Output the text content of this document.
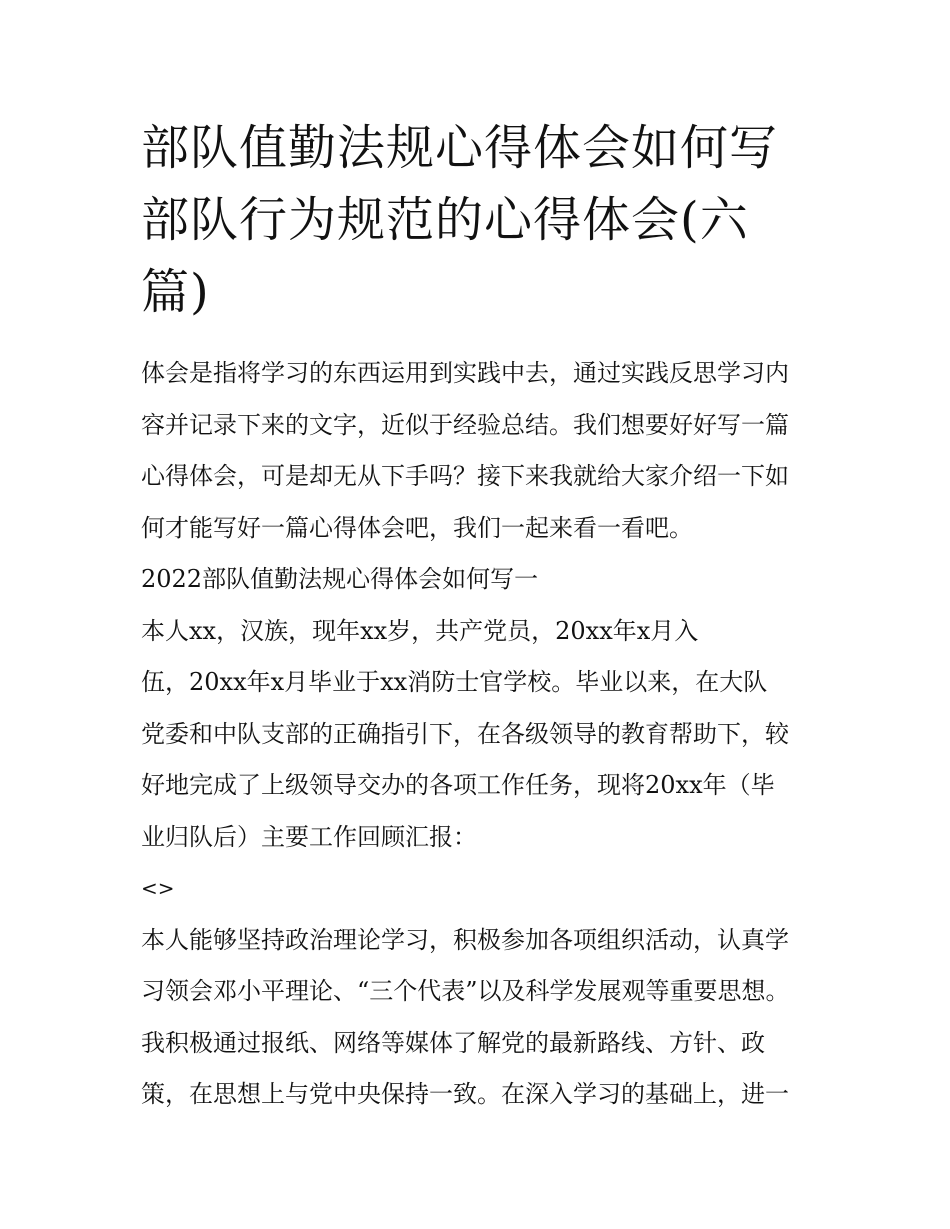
部队值勤法规心得体会如何写
部队行为规范的心得体会(六
篇)
体会是指将学习的东西运用到实践中去，通过实践反思学习内
容并记录下来的文字，近似于经验总结。我们想要好好写一篇
心得体会，可是却无从下手吗？接下来我就给大家介绍一下如
何才能写好一篇心得体会吧，我们一起来看一看吧。
2022部队值勤法规心得体会如何写一
本人xx，汉族，现年xx岁，共产党员，20xx年x月入
伍，20xx年x月毕业于xx消防士官学校。毕业以来，在大队
党委和中队支部的正确指引下，在各级领导的教育帮助下，较
好地完成了上级领导交办的各项工作任务，现将20xx年（毕
业归队后）主要工作回顾汇报：
<>
本人能够坚持政治理论学习，积极参加各项组织活动，认真学
习领会邓小平理论、“三个代表”以及科学发展观等重要思想。
我积极通过报纸、网络等媒体了解党的最新路线、方针、政
策，在思想上与党中央保持一致。在深入学习的基础上，进一
